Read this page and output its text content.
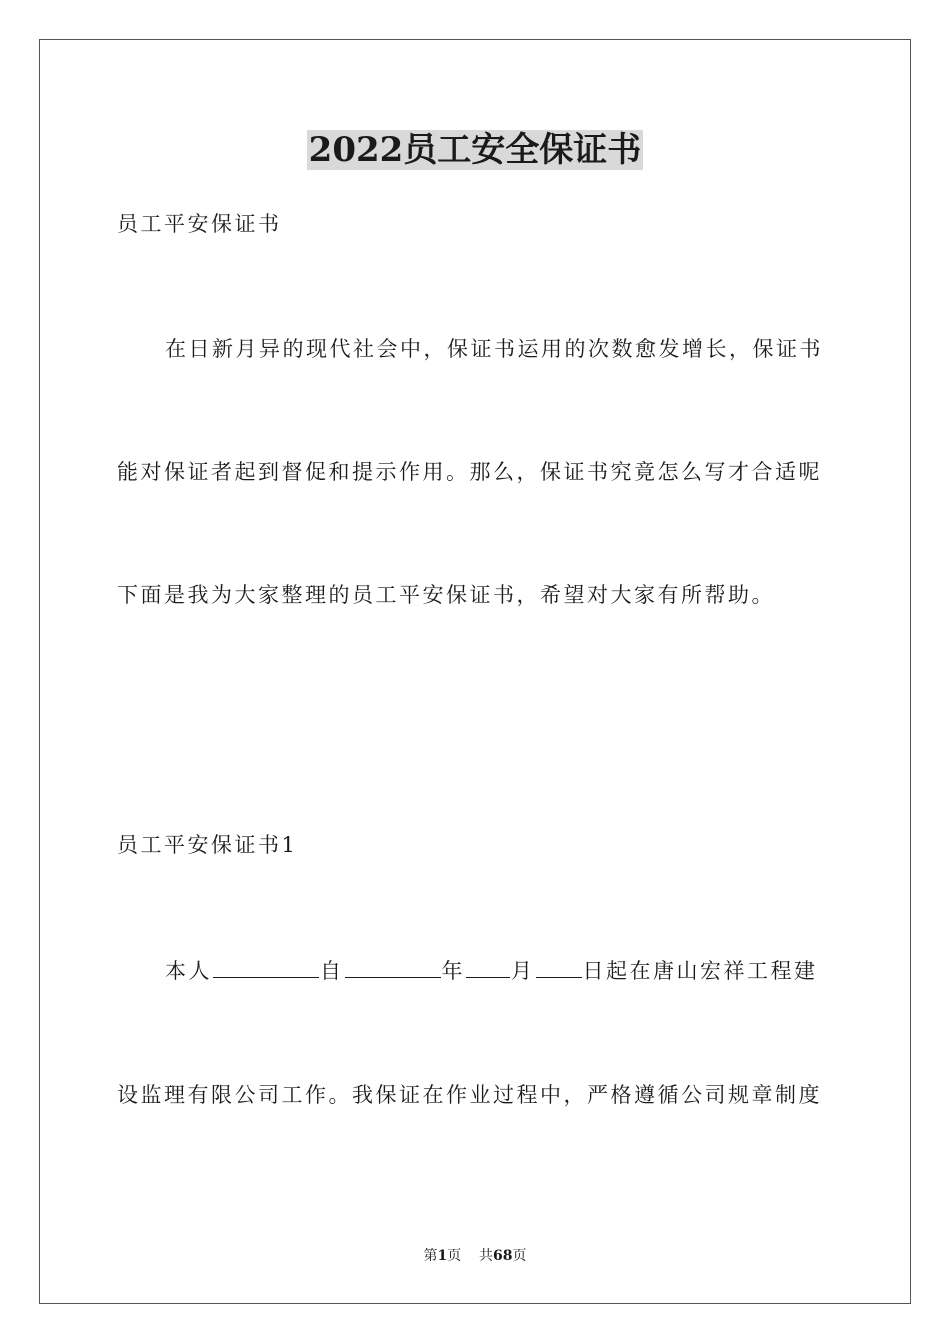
2022员工安全保证书

员工平安保证书

在日新月异的现代社会中，保证书运用的次数愈发增长，保证书

能对保证者起到督促和提示作用。那么，保证书究竟怎么写才合适呢

下面是我为大家整理的员工平安保证书，希望对大家有所帮助。

员工平安保证书1

本人	自	年 月 日起在唐山宏祥工程建

设监理有限公司工作。我保证在作业过程中，严格遵循公司规章制度

第1页 共68页
